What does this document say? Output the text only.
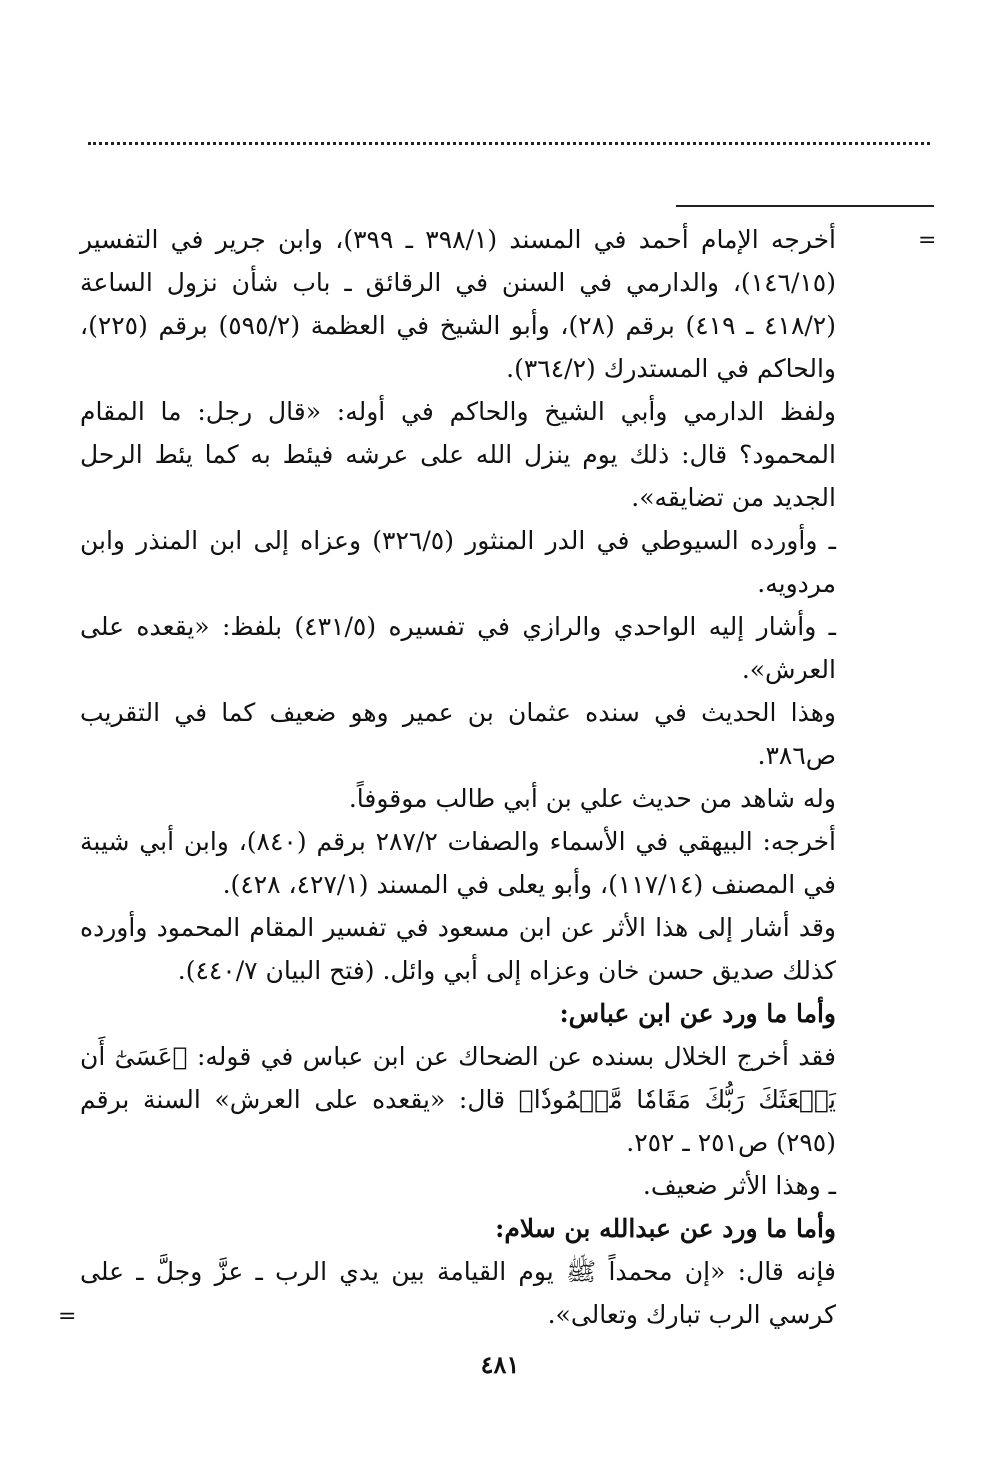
=

أخرجه الإمام أحمد في المسند (٣٩٨/١ ـ ٣٩٩)، وابن جرير في التفسير (١٤٦/١٥)، والدارمي في السنن في الرقائق ـ باب شأن نزول الساعة (٤١٨/٢ ـ ٤١٩) برقم (٢٨)، وأبو الشيخ في العظمة (٥٩٥/٢) برقم (٢٢٥)، والحاكم في المستدرك (٣٦٤/٢).

ولفظ الدارمي وأبي الشيخ والحاكم في أوله: «قال رجل: ما المقام المحمود؟ قال: ذلك يوم ينزل الله على عرشه فيئط به كما يئط الرحل الجديد من تضايقه».

ـ وأورده السيوطي في الدر المنثور (٣٢٦/٥) وعزاه إلى ابن المنذر وابن مردويه.

ـ وأشار إليه الواحدي والرازي في تفسيره (٤٣١/٥) بلفظ: «يقعده على العرش».

وهذا الحديث في سنده عثمان بن عمير وهو ضعيف كما في التقريب ص٣٨٦.

وله شاهد من حديث علي بن أبي طالب موقوفاً.

أخرجه: البيهقي في الأسماء والصفات ٢٨٧/٢ برقم (٨٤٠)، وابن أبي شيبة في المصنف (١١٧/١٤)، وأبو يعلى في المسند (٤٢٧/١، ٤٢٨).

وقد أشار إلى هذا الأثر عن ابن مسعود في تفسير المقام المحمود وأورده كذلك صديق حسن خان وعزاه إلى أبي وائل. (فتح البيان ٤٤٠/٧).

وأما ما ورد عن ابن عباس:

فقد أخرج الخلال بسنده عن الضحاك عن ابن عباس في قوله: ﴿عَسَىٰٓ أَن يَبۡعَثَكَ رَبُّكَ مَقَامٗا مَّحۡمُودٗا﴾ قال: «يقعده على العرش» السنة برقم (٢٩٥) ص٢٥١ ـ ٢٥٢.

ـ وهذا الأثر ضعيف.

وأما ما ورد عن عبدالله بن سلام:

فإنه قال: «إن محمداً ﷺ يوم القيامة بين يدي الرب ـ عزَّ وجلَّ ـ على كرسي الرب تبارك وتعالى».

=
٤٨١
